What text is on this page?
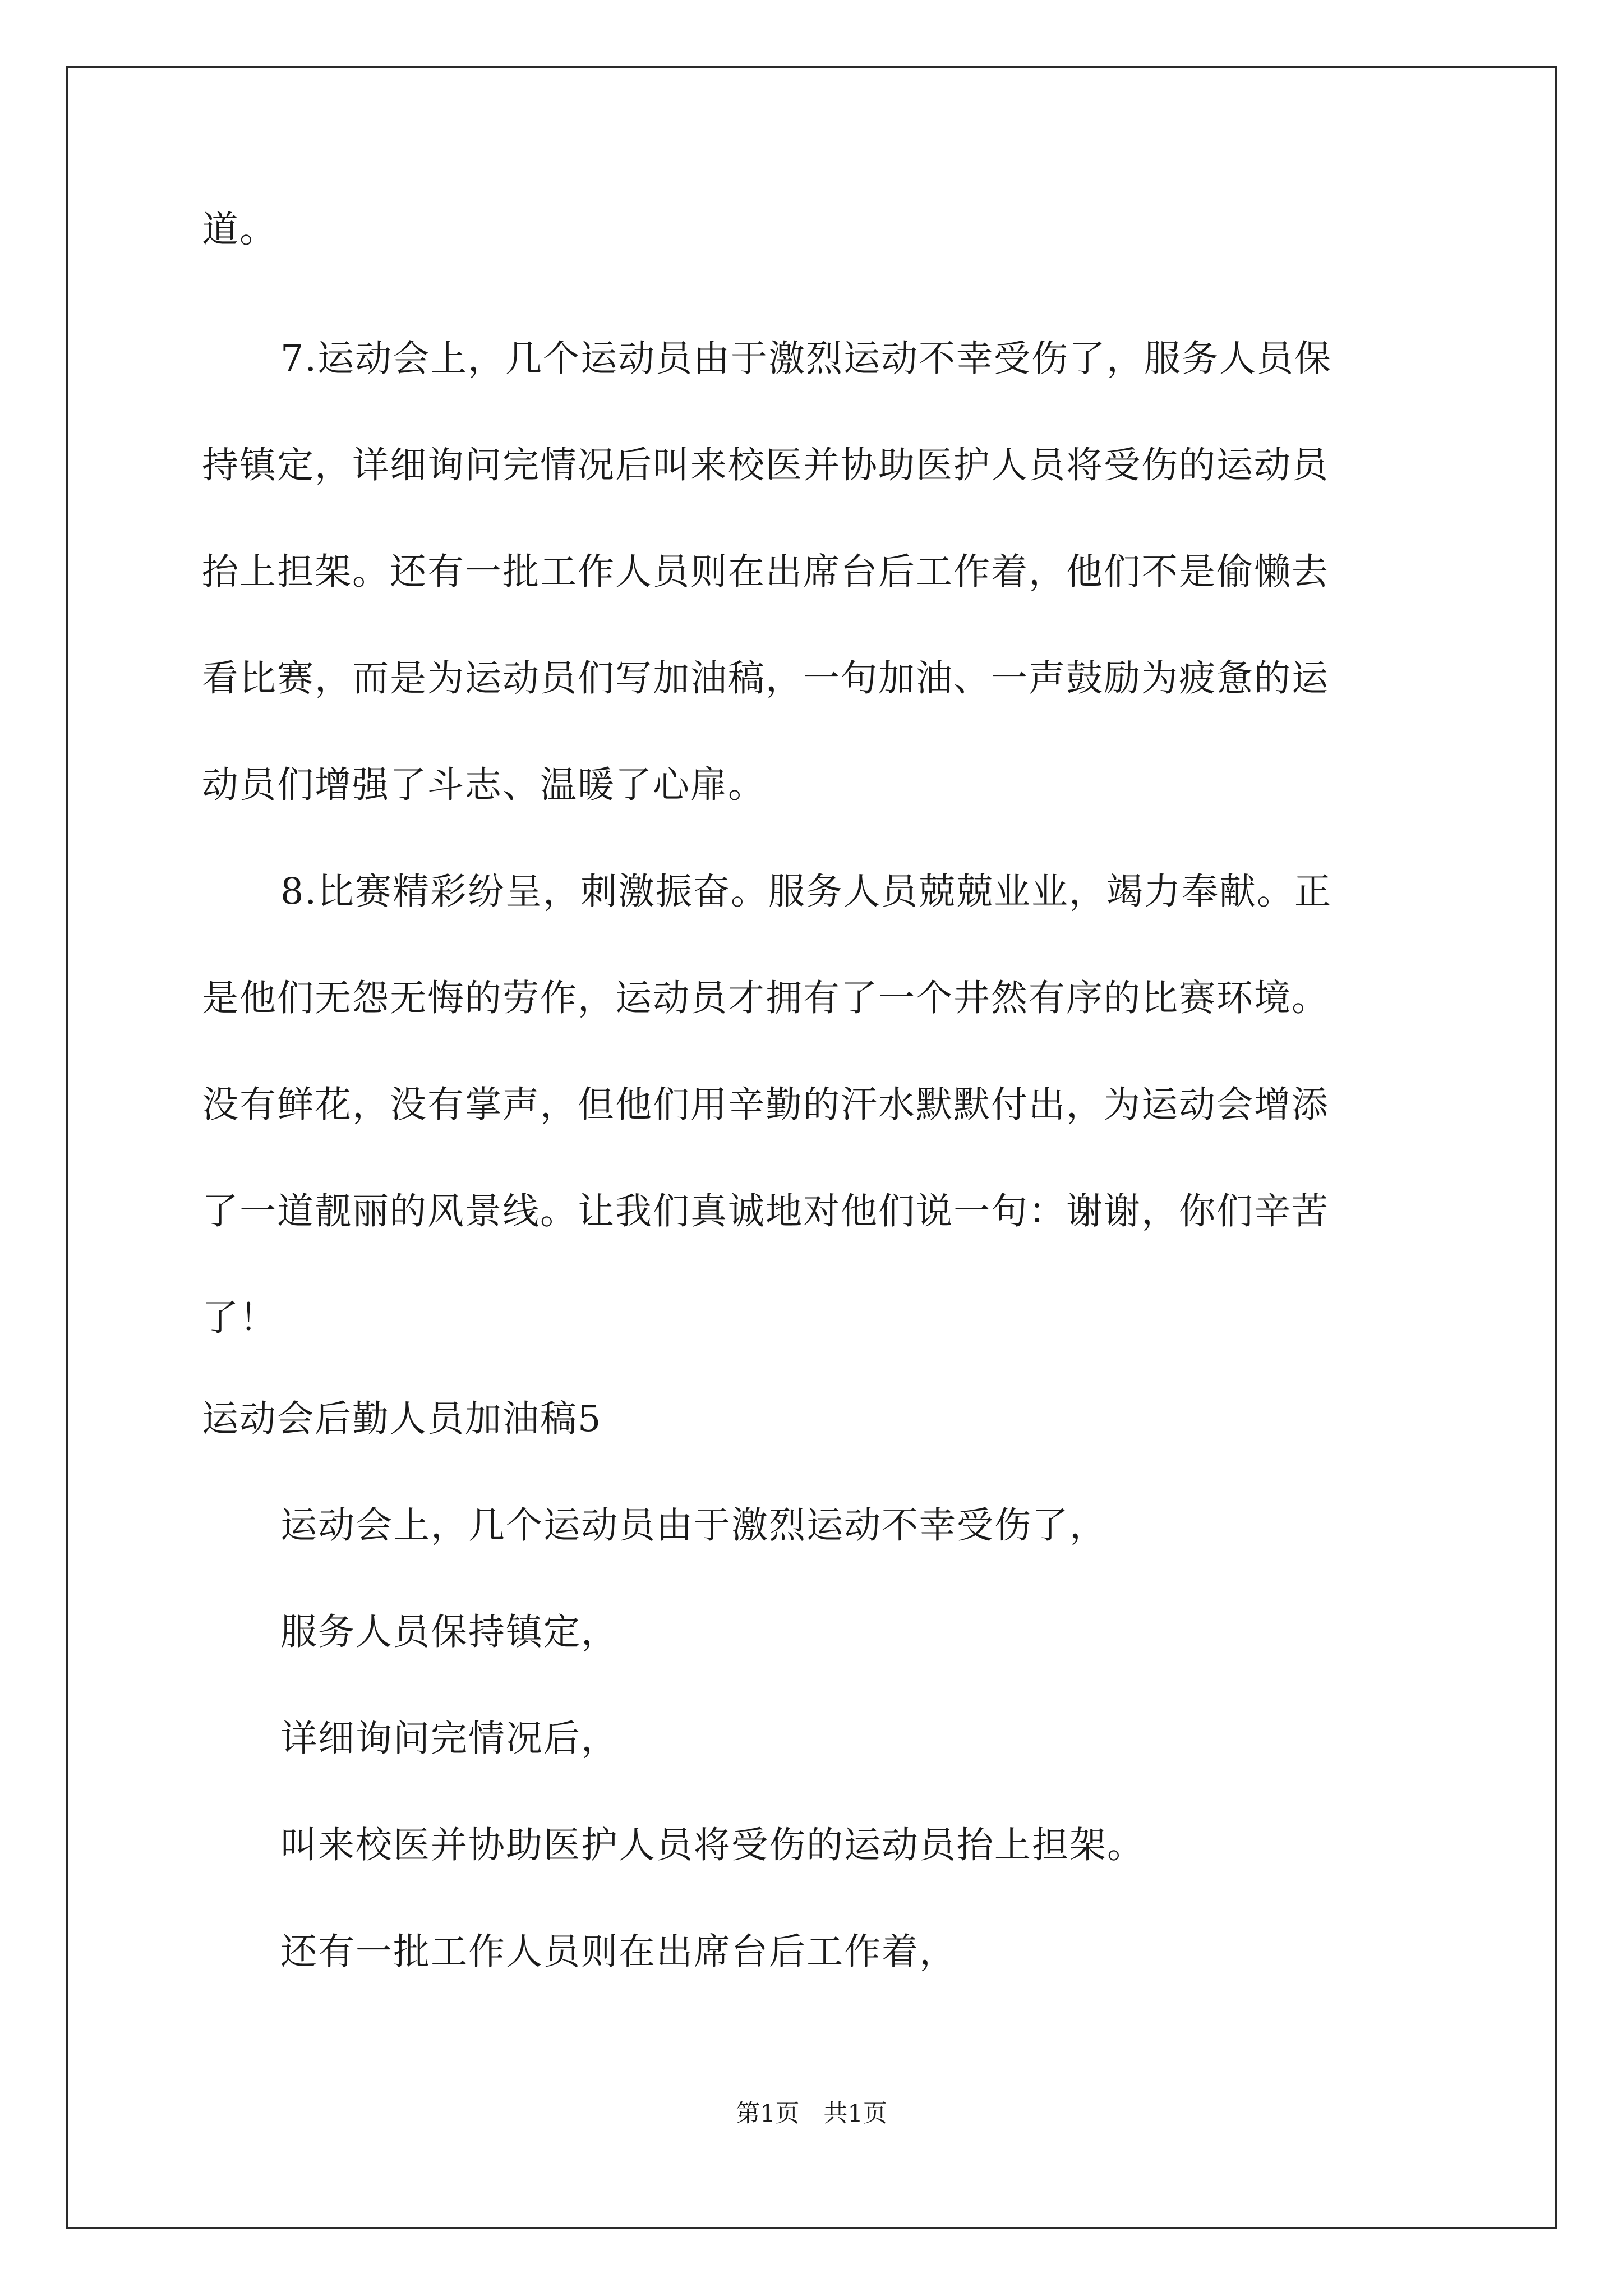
道。
7.运动会上，几个运动员由于激烈运动不幸受伤了，服务人员保
持镇定，详细询问完情况后叫来校医并协助医护人员将受伤的运动员
抬上担架。还有一批工作人员则在出席台后工作着，他们不是偷懒去
看比赛，而是为运动员们写加油稿，一句加油、一声鼓励为疲惫的运
动员们增强了斗志、温暖了心扉。
8.比赛精彩纷呈，刺激振奋。服务人员兢兢业业，竭力奉献。正
是他们无怨无悔的劳作，运动员才拥有了一个井然有序的比赛环境。
没有鲜花，没有掌声，但他们用辛勤的汗水默默付出，为运动会增添
了一道靓丽的风景线。让我们真诚地对他们说一句：谢谢，你们辛苦
了！
运动会后勤人员加油稿5
运动会上，几个运动员由于激烈运动不幸受伤了，
服务人员保持镇定，
详细询问完情况后，
叫来校医并协助医护人员将受伤的运动员抬上担架。
还有一批工作人员则在出席台后工作着，
第1页　共1页
